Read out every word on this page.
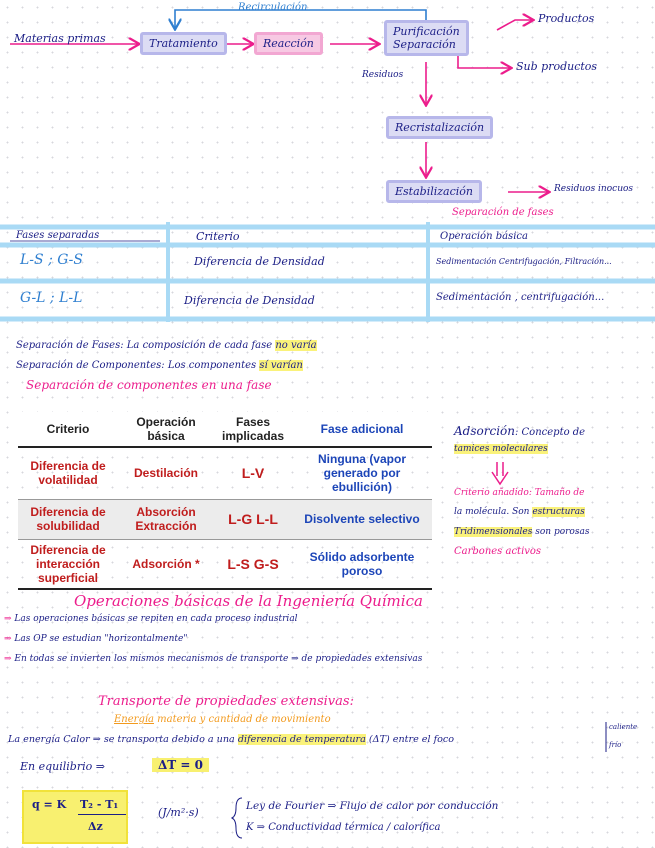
Recirculación
Materias primas	Tratamiento	Reacción
Purificación
Separación
Productos
Sub productos
Residuos
Recristalización
Estabilización	Residuos inocuos
Separación de fases
Fases separadas	Criterio	Operación básica
L-S ; G-S	Diferencia de Densidad	Sedimentación Centrifugación, Filtración...
G-L ; L-L	Diferencia de Densidad	Sedimentación , centrifugación...
Separación de Fases: La composición de cada fase no varía
Separación de Componentes: Los componentes sí varían
Separación de componentes en una fase
Criterio	Operación básica	Fases implicadas	Fase adicional
Diferencia de volatilidad	Destilación	L-V	Ninguna (vapor generado por ebullición)
Diferencia de solubilidad	Absorción Extracción	L-G L-L	Disolvente selectivo
Diferencia de interacción superficial	Adsorción *	L-S G-S	Sólido adsorbente poroso
Adsorción: Concepto de
tamices moleculares
Criterio añadido: Tamaño de
la molécula. Son estructuras
Tridimensionales son porosas
Carbones activos
Operaciones básicas de la Ingeniería Química
⇒ Las operaciones básicas se repiten en cada proceso industrial
⇒ Las OP se estudian "horizontalmente"
⇒ En todas se invierten los mismos mecanismos de transporte ⇒ de propiedades extensivas
Transporte de propiedades extensivas:
Energía materia y cantidad de movimiento
La energía Calor ⇒ se transporta debido a una diferencia de temperatura (ΔT) entre el foco
caliente
frío
En equilibrio ⇒	ΔT = 0
q = K T₂ - T₁
Δz
(J/m²·s)	Ley de Fourier ⇒ Flujo de calor por conducción
K ⇒ Conductividad térmica / calorífica
